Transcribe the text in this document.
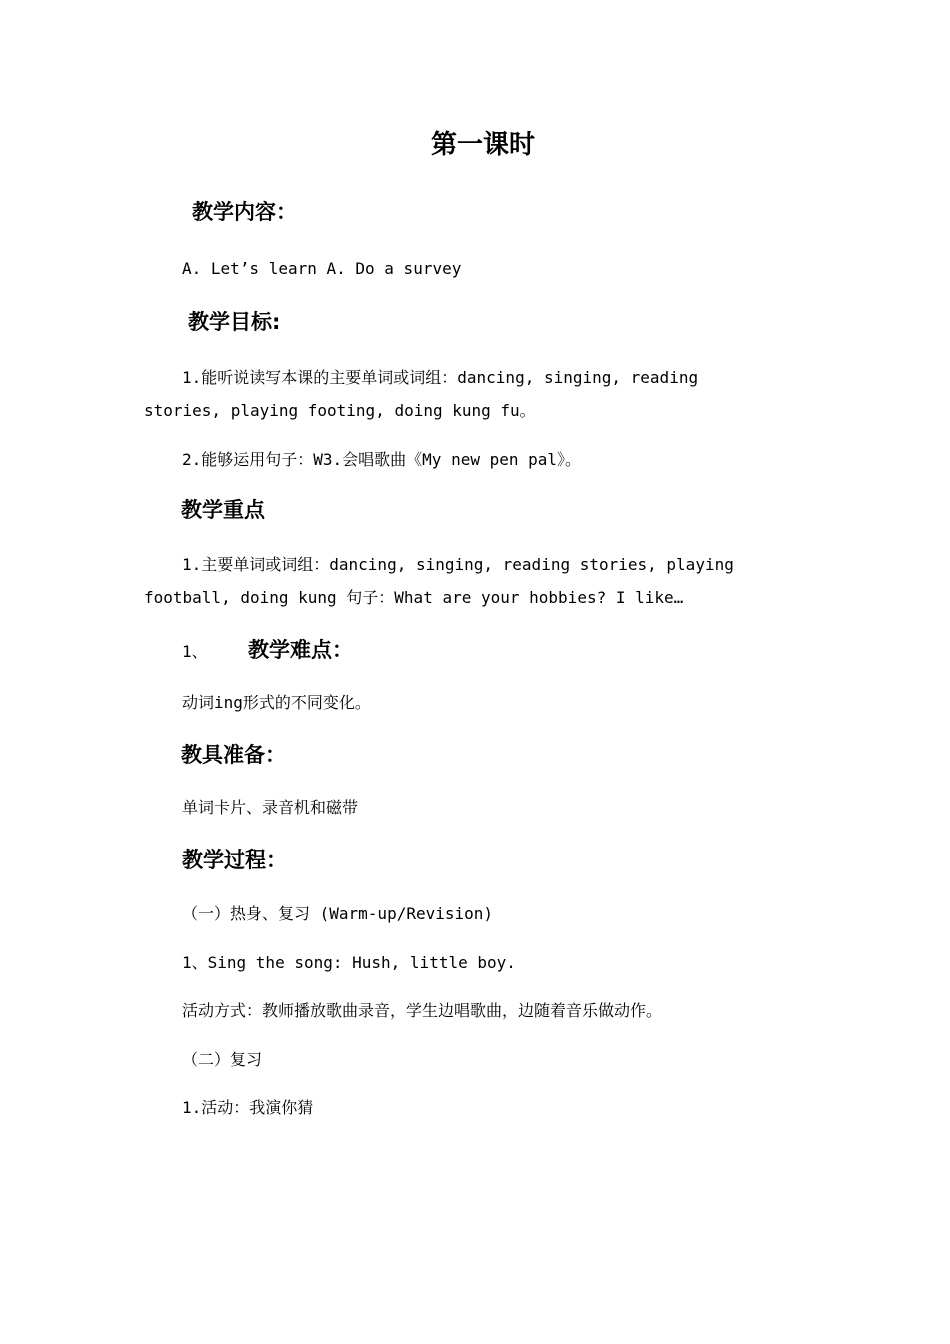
第一课时
教学内容：
A. Let’s learn A. Do a survey
教学目标:
1.能听说读写本课的主要单词或词组：dancing, singing, reading stories, playing footing, doing kung fu。
2.能够运用句子：W3.会唱歌曲《My new pen pal》。
教学重点
1.主要单词或词组：dancing, singing, reading stories, playing football, doing kung 句子：What are your hobbies? I like…
1、 教学难点：
动词ing形式的不同变化。
教具准备：
单词卡片、录音机和磁带
教学过程：
（一）热身、复习 (Warm-up/Revision)
1、Sing the song: Hush, little boy.
活动方式：教师播放歌曲录音，学生边唱歌曲，边随着音乐做动作。
（二）复习
1.活动：我演你猜
